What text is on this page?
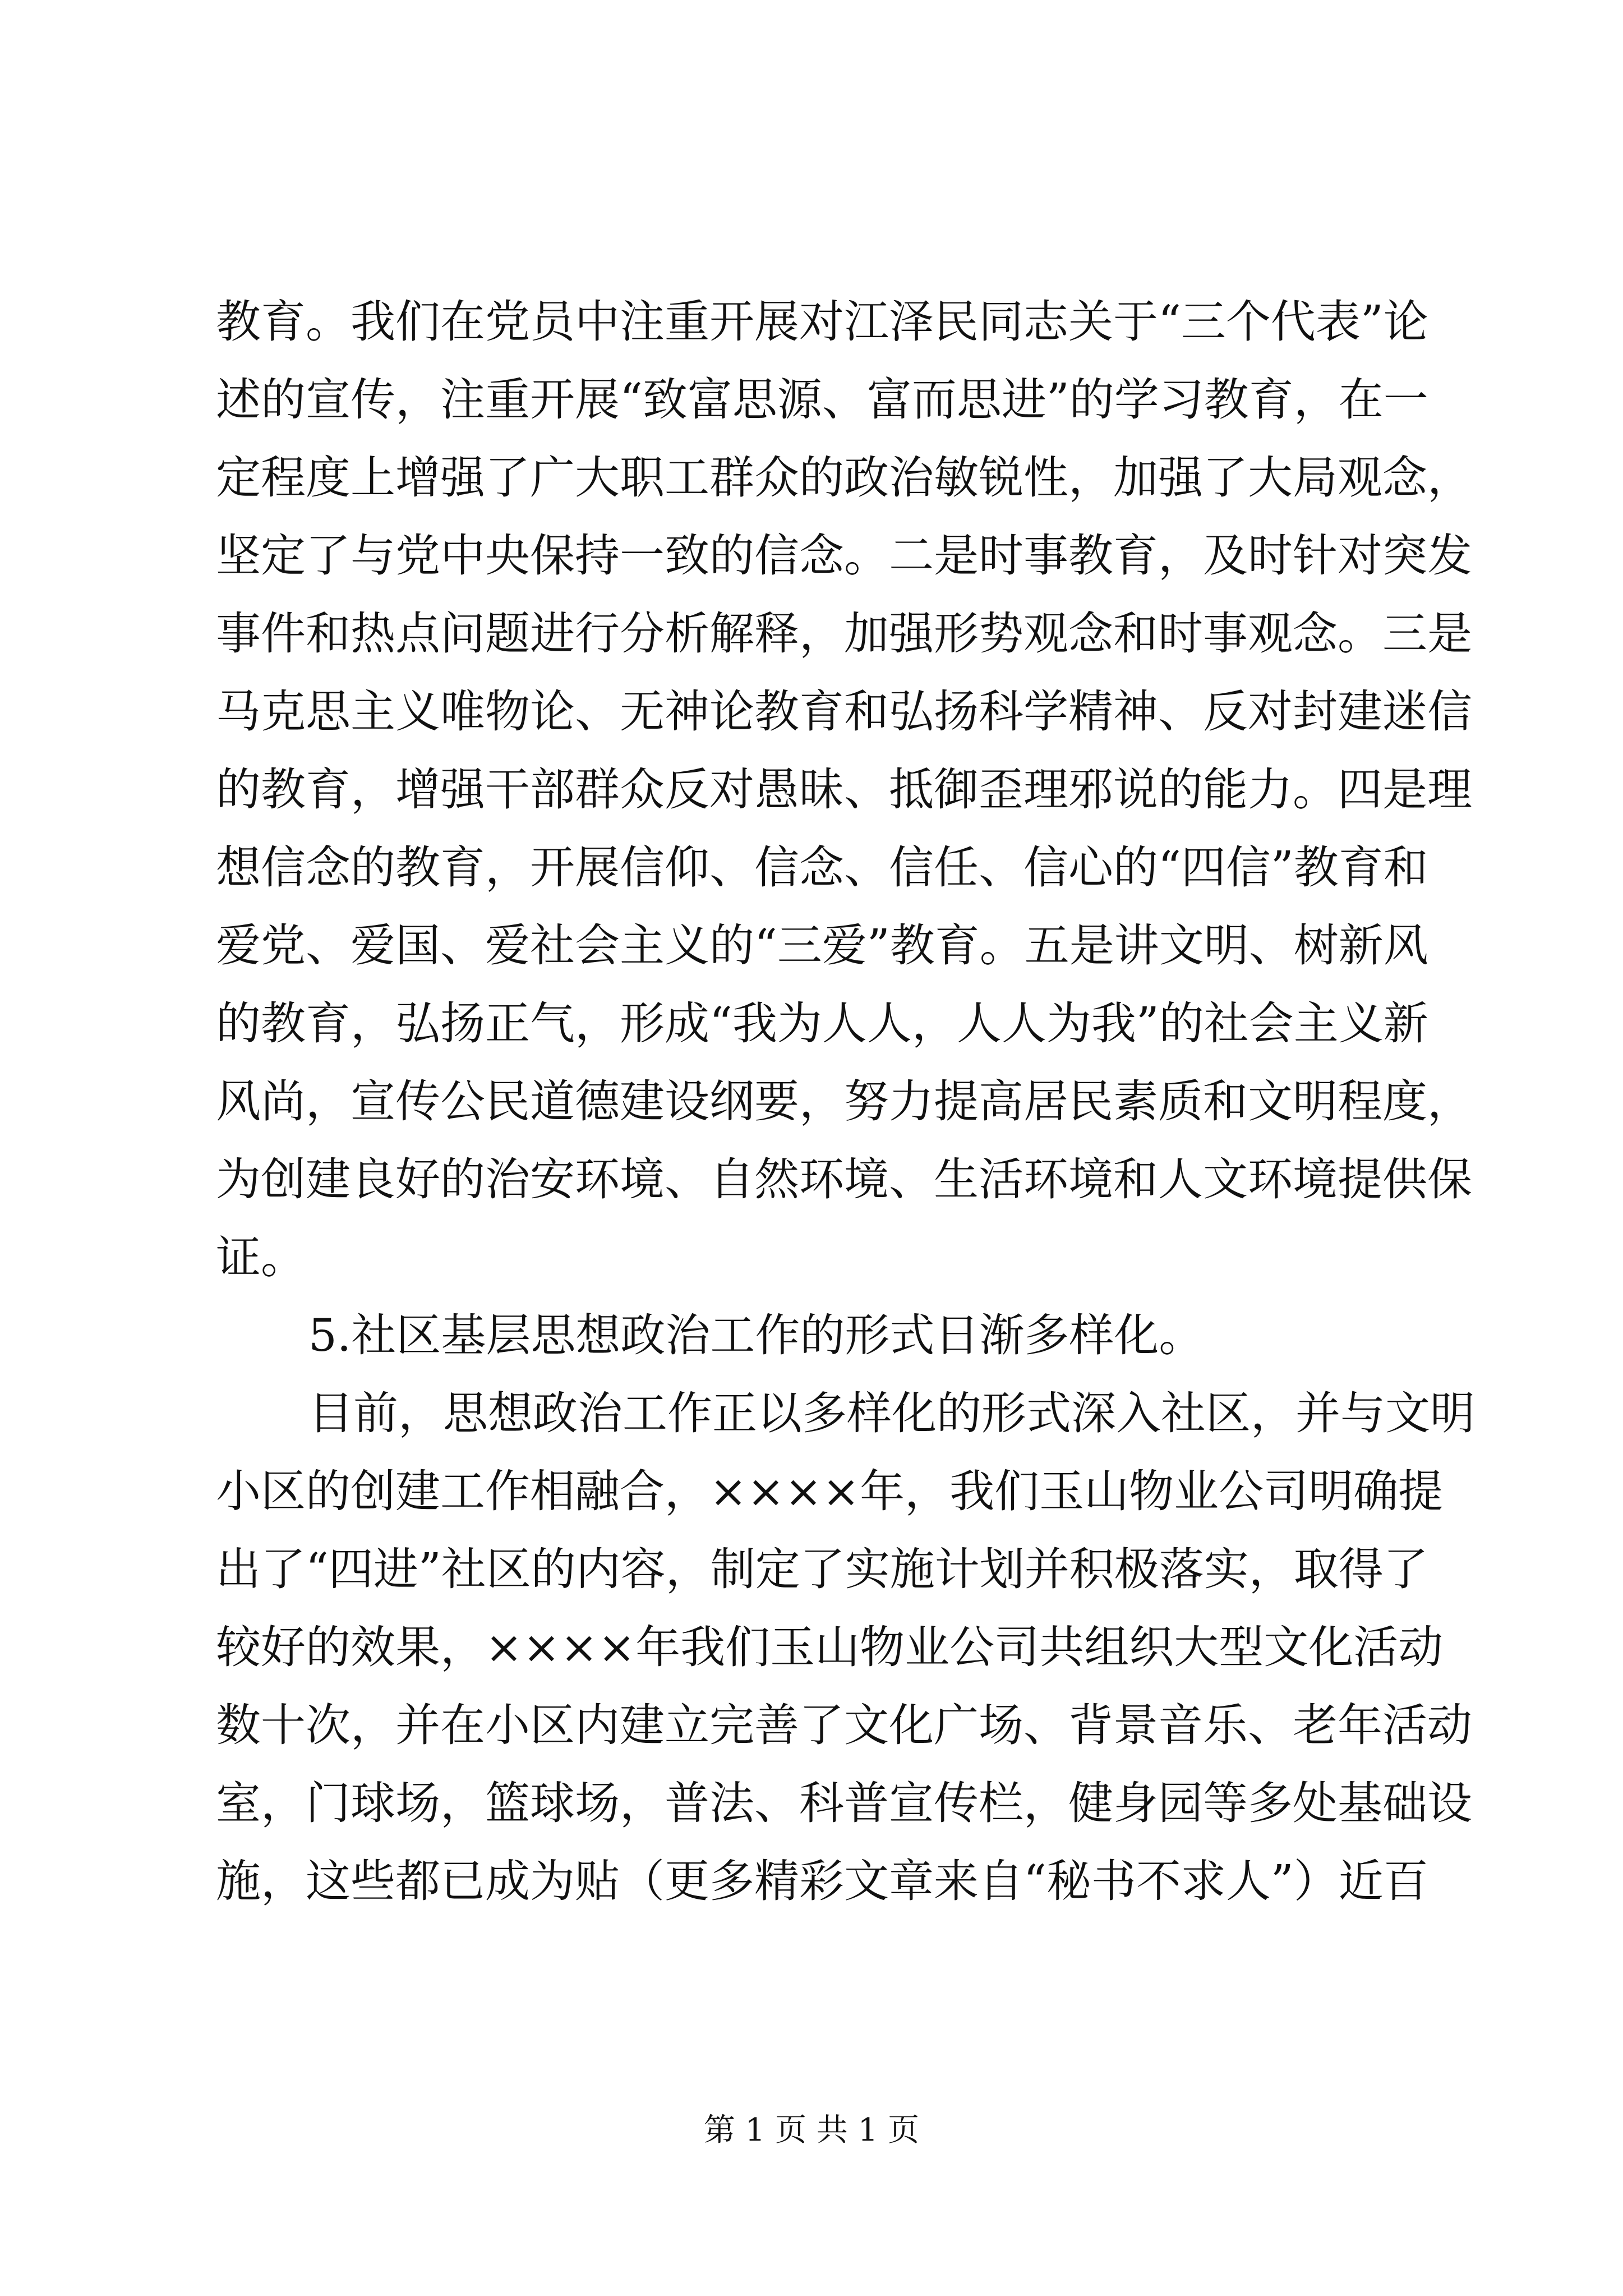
教育。我们在党员中注重开展对江泽民同志关于“三个代表”论
述的宣传，注重开展“致富思源、富而思进”的学习教育，在一
定程度上增强了广大职工群众的政治敏锐性，加强了大局观念，
坚定了与党中央保持一致的信念。二是时事教育，及时针对突发
事件和热点问题进行分析解释，加强形势观念和时事观念。三是
马克思主义唯物论、无神论教育和弘扬科学精神、反对封建迷信
的教育，增强干部群众反对愚昧、抵御歪理邪说的能力。四是理
想信念的教育，开展信仰、信念、信任、信心的“四信”教育和
爱党、爱国、爱社会主义的“三爱”教育。五是讲文明、树新风
的教育，弘扬正气，形成“我为人人，人人为我”的社会主义新
风尚，宣传公民道德建设纲要，努力提高居民素质和文明程度，
为创建良好的治安环境、自然环境、生活环境和人文环境提供保
证。
5.社区基层思想政治工作的形式日渐多样化。
目前，思想政治工作正以多样化的形式深入社区，并与文明
小区的创建工作相融合，××××年，我们玉山物业公司明确提
出了“四进”社区的内容，制定了实施计划并积极落实，取得了
较好的效果，××××年我们玉山物业公司共组织大型文化活动
数十次，并在小区内建立完善了文化广场、背景音乐、老年活动
室，门球场，篮球场，普法、科普宣传栏，健身园等多处基础设
施，这些都已成为贴（更多精彩文章来自“秘书不求人”）近百
第 1 页 共 1 页
